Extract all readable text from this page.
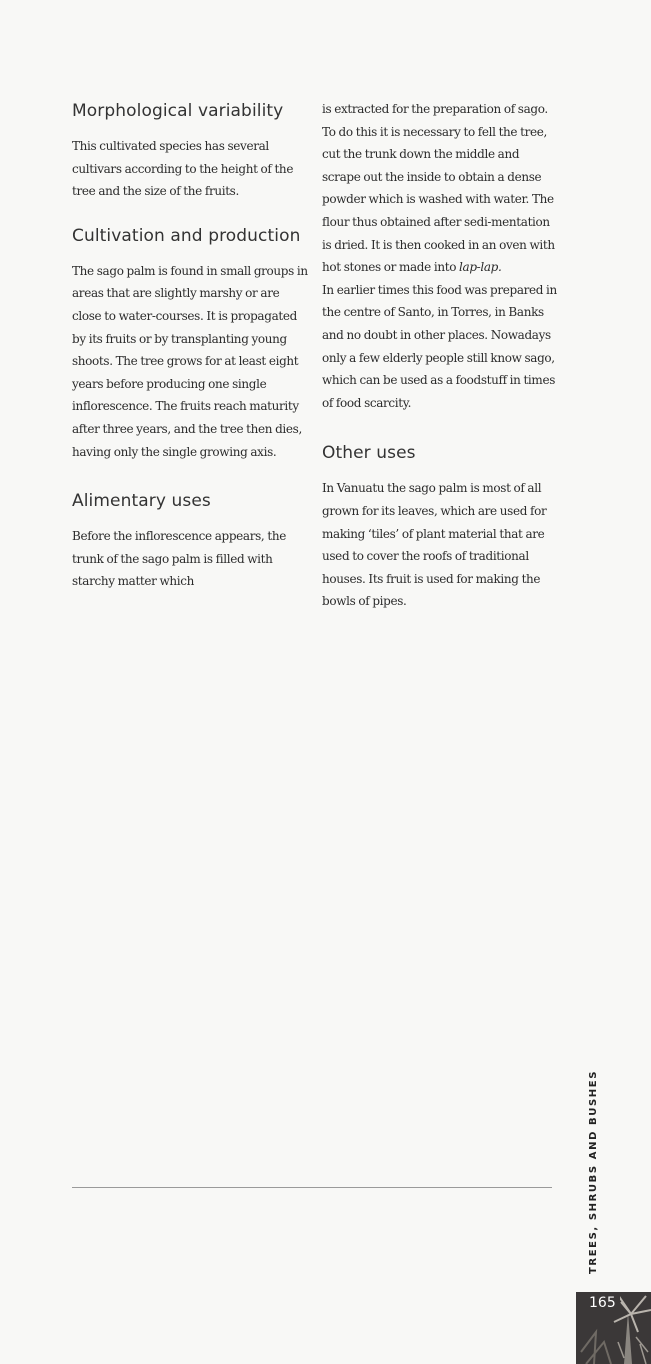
Morphological variability

This cultivated species has several cultivars according to the height of the tree and the size of the fruits.

Cultivation and production

The sago palm is found in small groups in areas that are slightly marshy or are close to water-courses. It is propagated by its fruits or by transplanting young shoots. The tree grows for at least eight years before producing one single inflorescence. The fruits reach maturity after three years, and the tree then dies, having only the single growing axis.

Alimentary uses

Before the inflorescence appears, the trunk of the sago palm is filled with starchy matter which

is extracted for the preparation of sago. To do this it is necessary to fell the tree, cut the trunk down the middle and scrape out the inside to obtain a dense powder which is washed with water. The flour thus obtained after sedi-mentation is dried. It is then cooked in an oven with hot stones or made into lap-lap.
In earlier times this food was prepared in the centre of Santo, in Torres, in Banks and no doubt in other places. Nowadays only a few elderly people still know sago, which can be used as a foodstuff in times of food scarcity.

Other uses

In Vanuatu the sago palm is most of all grown for its leaves, which are used for making ‘tiles’ of plant material that are used to cover the roofs of traditional houses. Its fruit is used for making the bowls of pipes.

TREES, SHRUBS AND BUSHES
165
